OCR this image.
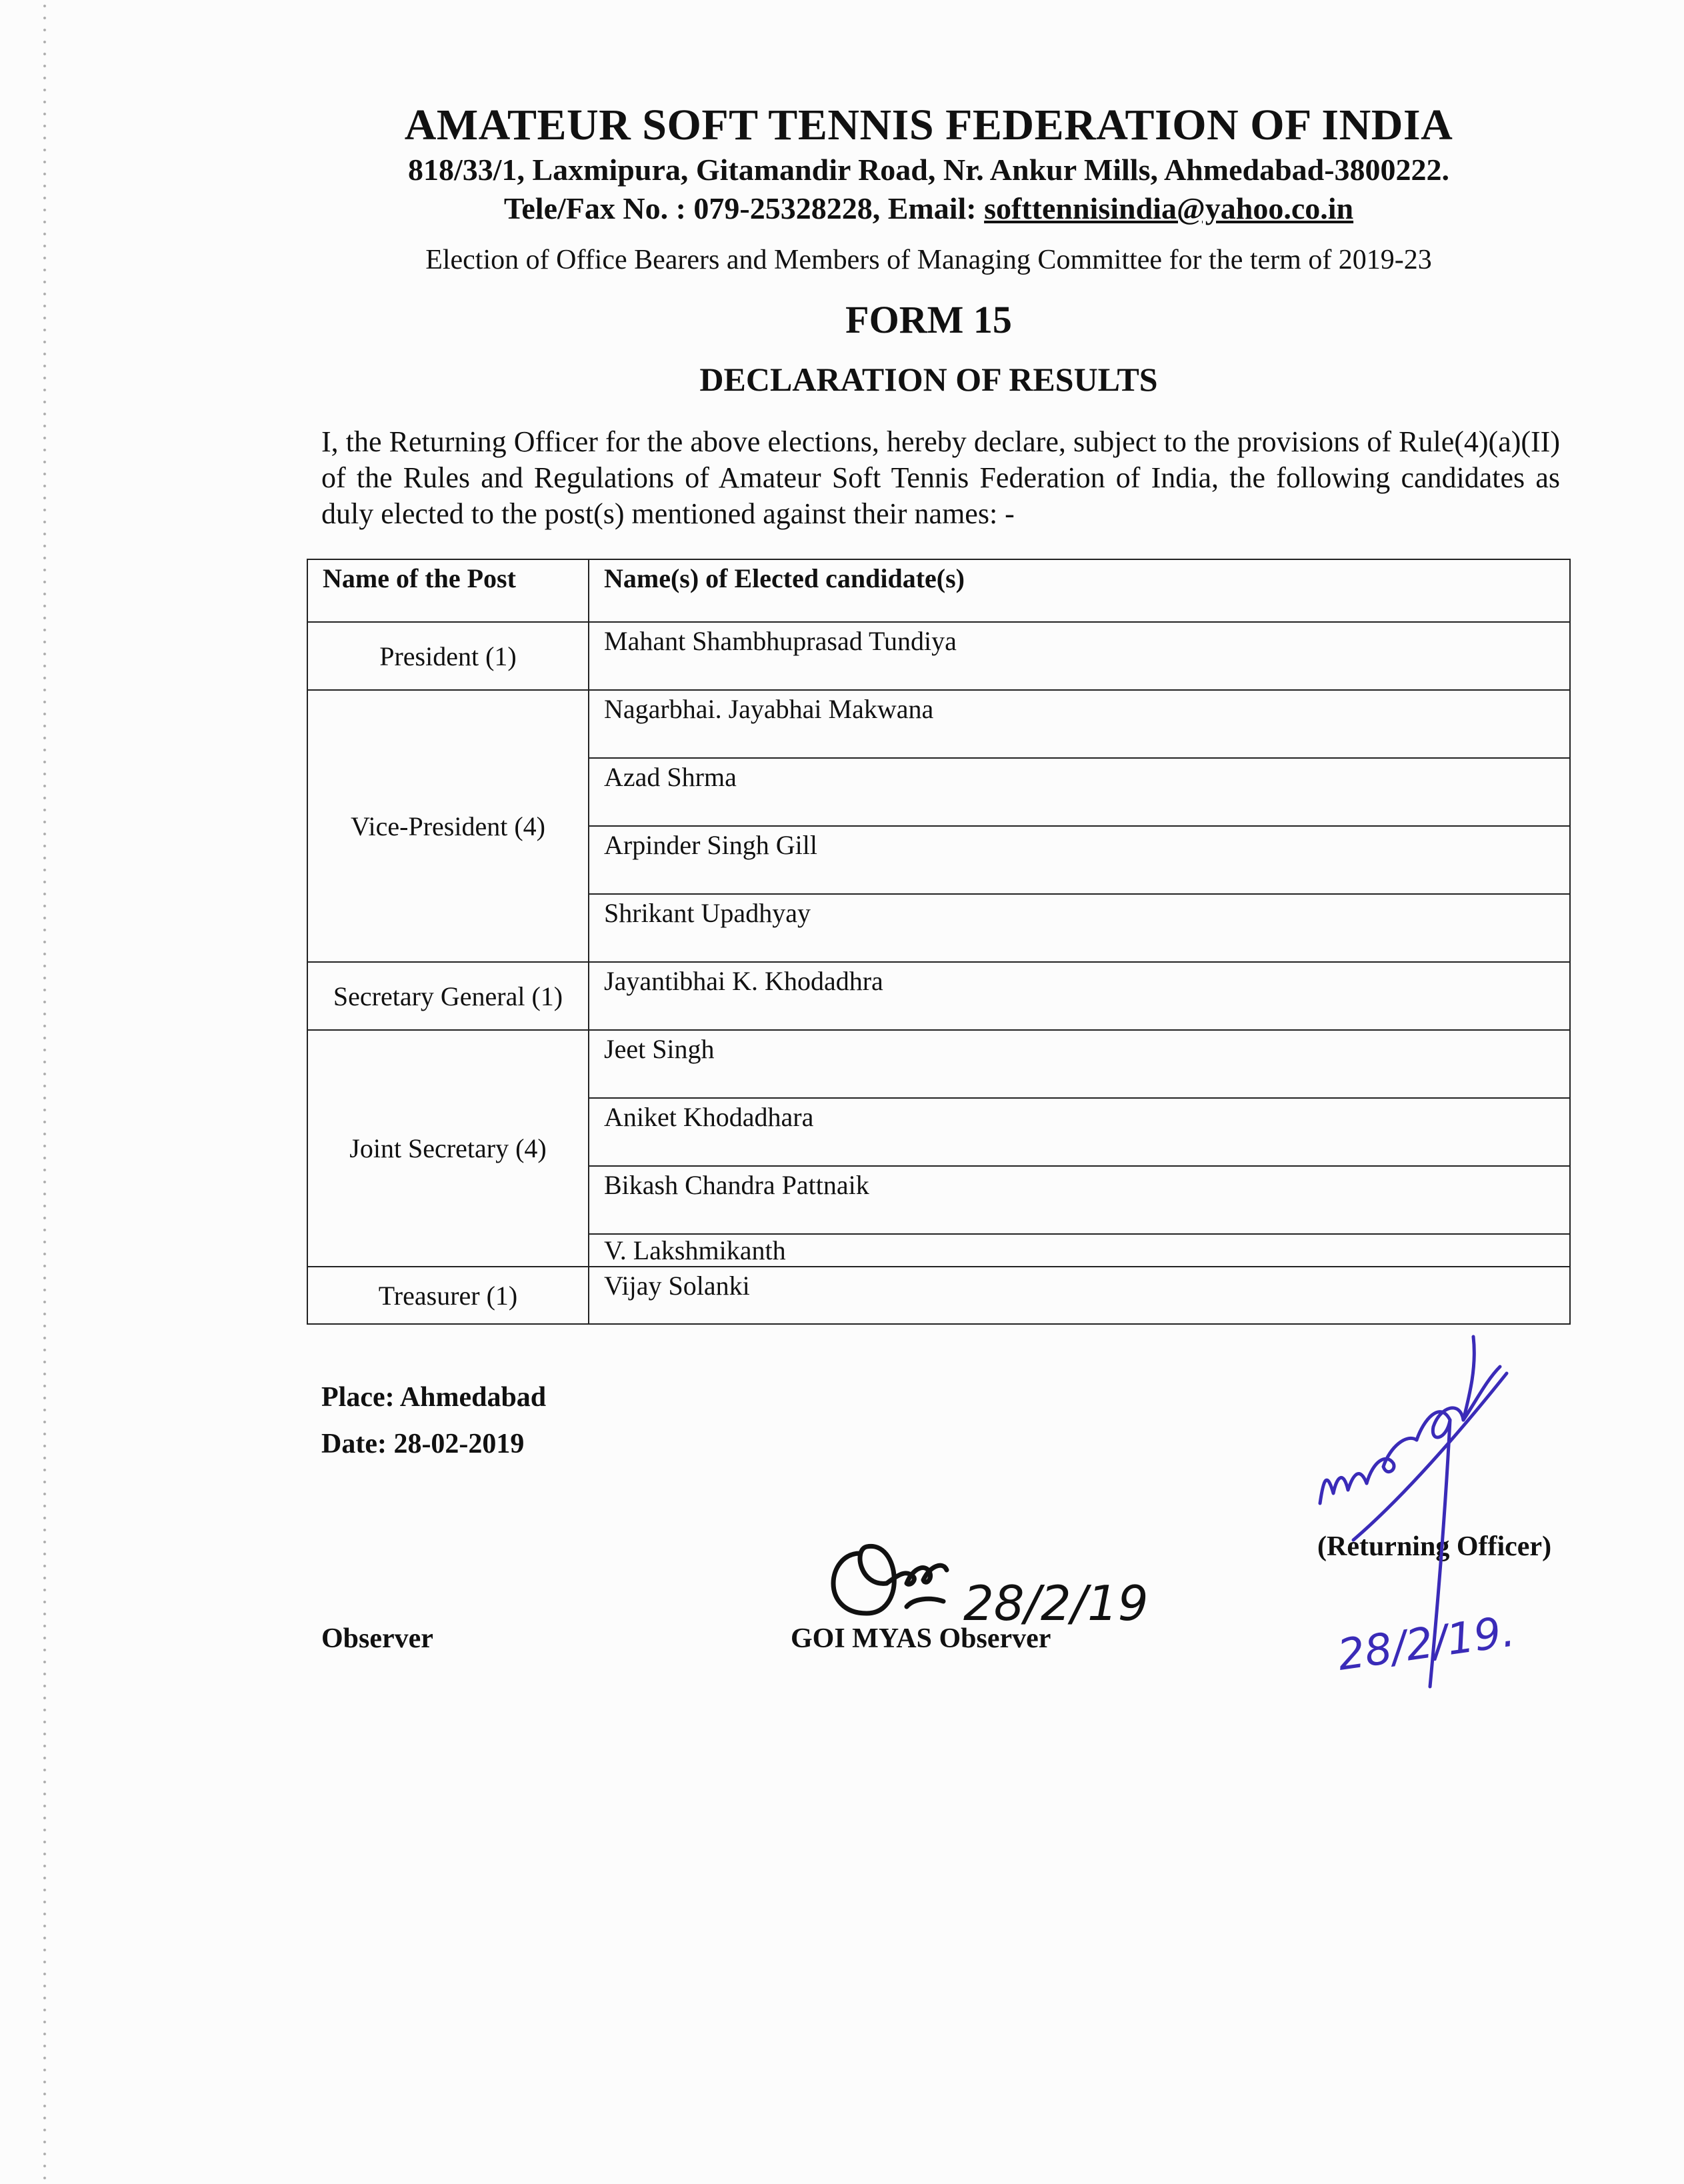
AMATEUR SOFT TENNIS FEDERATION OF INDIA
818/33/1, Laxmipura, Gitamandir Road, Nr. Ankur Mills, Ahmedabad-3800222.
Tele/Fax No. : 079-25328228, Email: softtennisindia@yahoo.co.in
Election of Office Bearers and Members of Managing Committee for the term of 2019-23
FORM 15
DECLARATION OF RESULTS
I, the Returning Officer for the above elections, hereby declare, subject to the provisions of Rule(4)(a)(II) of the Rules and Regulations of Amateur Soft Tennis Federation of India, the following candidates as duly elected to the post(s) mentioned against their names: -
Name of the Post	Name(s) of Elected candidate(s)
President (1)	Mahant Shambhuprasad Tundiya
Vice-President (4)	Nagarbhai. Jayabhai Makwana
	Azad Shrma
	Arpinder Singh Gill
	Shrikant Upadhyay
Secretary General (1)	Jayantibhai K. Khodadhra
Joint Secretary (4)	Jeet Singh
	Aniket Khodadhara
	Bikash Chandra Pattnaik
	V. Lakshmikanth
Treasurer (1)	Vijay Solanki
Place: Ahmedabad
Date: 28-02-2019
Observer	GOI MYAS Observer
(Returning Officer)
28/2/19
28/2/19.
